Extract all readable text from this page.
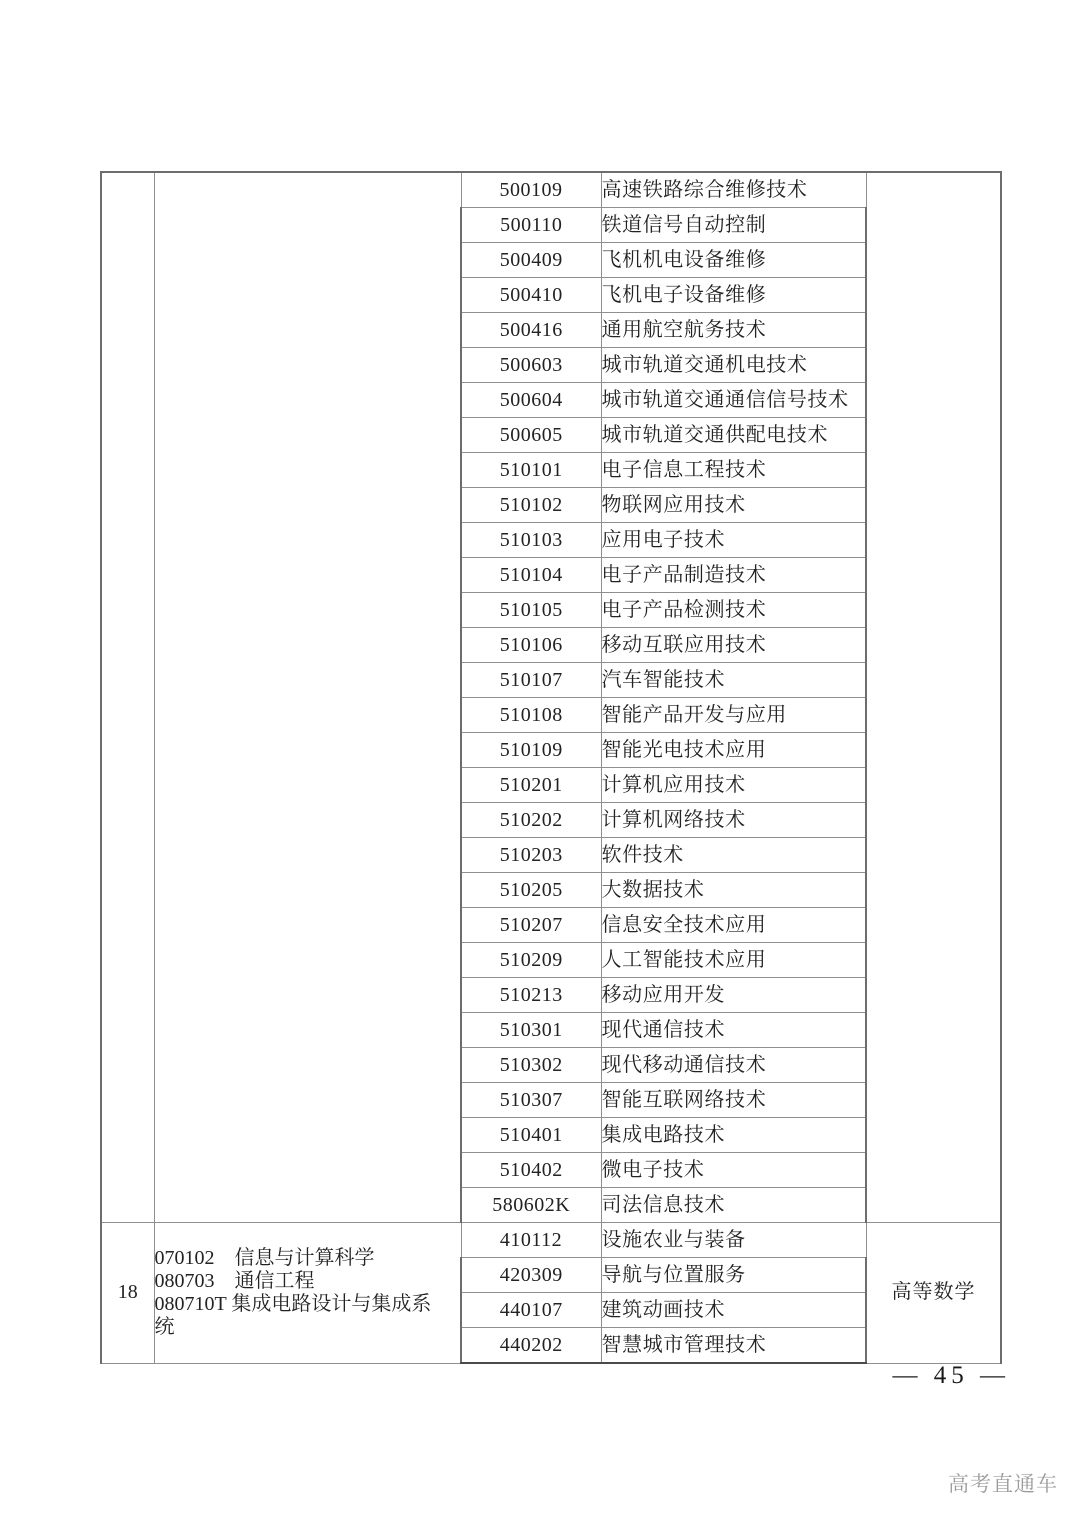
		500109	高速铁路综合维修技术	
		500110	铁道信号自动控制	
		500409	飞机机电设备维修	
		500410	飞机电子设备维修	
		500416	通用航空航务技术	
		500603	城市轨道交通机电技术	
		500604	城市轨道交通通信信号技术	
		500605	城市轨道交通供配电技术	
		510101	电子信息工程技术	
		510102	物联网应用技术	
		510103	应用电子技术	
		510104	电子产品制造技术	
		510105	电子产品检测技术	
		510106	移动互联应用技术	
		510107	汽车智能技术	
		510108	智能产品开发与应用	
		510109	智能光电技术应用	
		510201	计算机应用技术	
		510202	计算机网络技术	
		510203	软件技术	
		510205	大数据技术	
		510207	信息安全技术应用	
		510209	人工智能技术应用	
		510213	移动应用开发	
		510301	现代通信技术	
		510302	现代移动通信技术	
		510307	智能互联网络技术	
		510401	集成电路技术	
		510402	微电子技术	
		580602K	司法信息技术	
18	070102　信息与计算科学
080703　通信工程
080710T 集成电路设计与集成系
统	410112	设施农业与装备	高等数学
		420309	导航与位置服务	
		440107	建筑动画技术	
		440202	智慧城市管理技术	
— 45 —
高考直通车
